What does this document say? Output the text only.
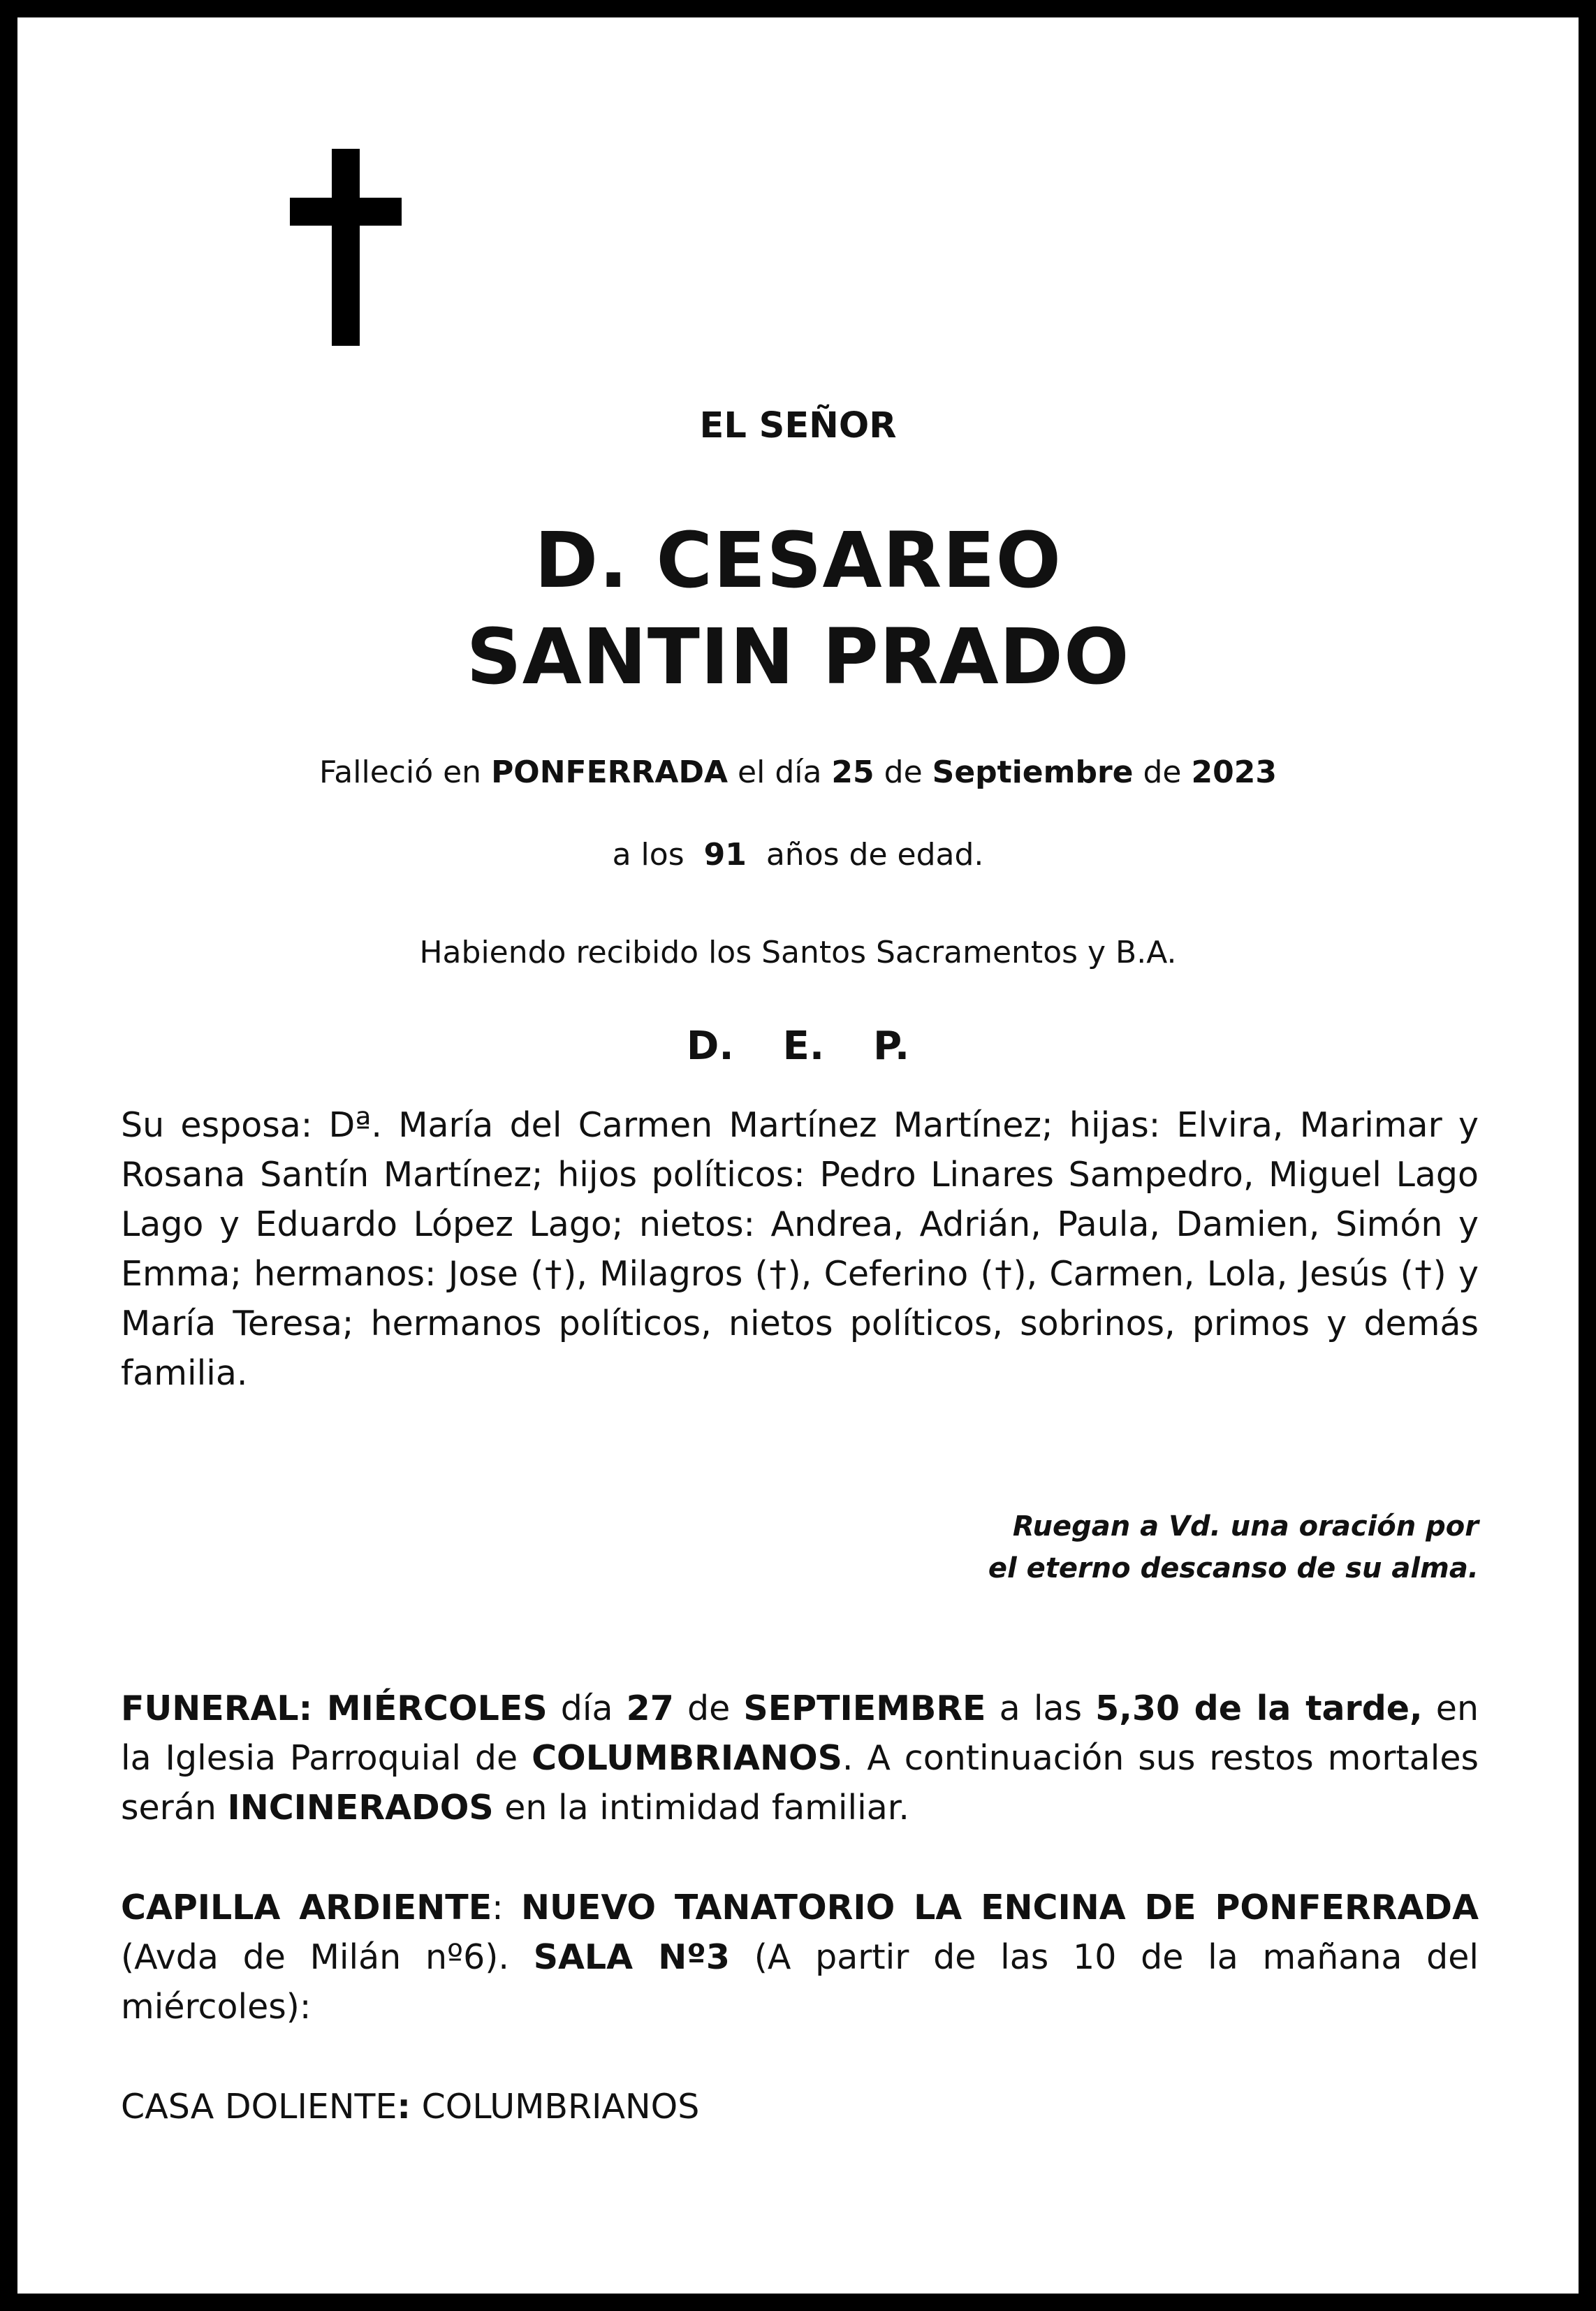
EL SEÑOR
D. CESAREO
SANTIN PRADO
Falleció en PONFERRADA el día 25 de Septiembre de 2023
a los  91  años de edad.
Habiendo recibido los Santos Sacramentos y B.A.
D. E. P.
Su esposa: Dª. María del Carmen Martínez Martínez; hijas: Elvira, Marimar y Rosana Santín Martínez; hijos políticos: Pedro Linares Sampedro, Miguel Lago Lago y Eduardo López Lago; nietos: Andrea, Adrián, Paula, Damien, Simón y Emma; hermanos: Jose (†), Milagros (†), Ceferino (†), Carmen, Lola, Jesús (†) y María Teresa; hermanos políticos, nietos políticos, sobrinos, primos y demás familia.
Ruegan a Vd. una oración por
el eterno descanso de su alma.
FUNERAL: MIÉRCOLES día 27 de SEPTIEMBRE a las 5,30 de la tarde, en la Iglesia Parroquial de COLUMBRIANOS. A continuación sus restos mortales serán INCINERADOS en la intimidad familiar.
CAPILLA ARDIENTE: NUEVO TANATORIO LA ENCINA DE PONFERRADA (Avda de Milán nº6). SALA Nº3 (A partir de las 10 de la mañana del miércoles):
CASA DOLIENTE: COLUMBRIANOS
